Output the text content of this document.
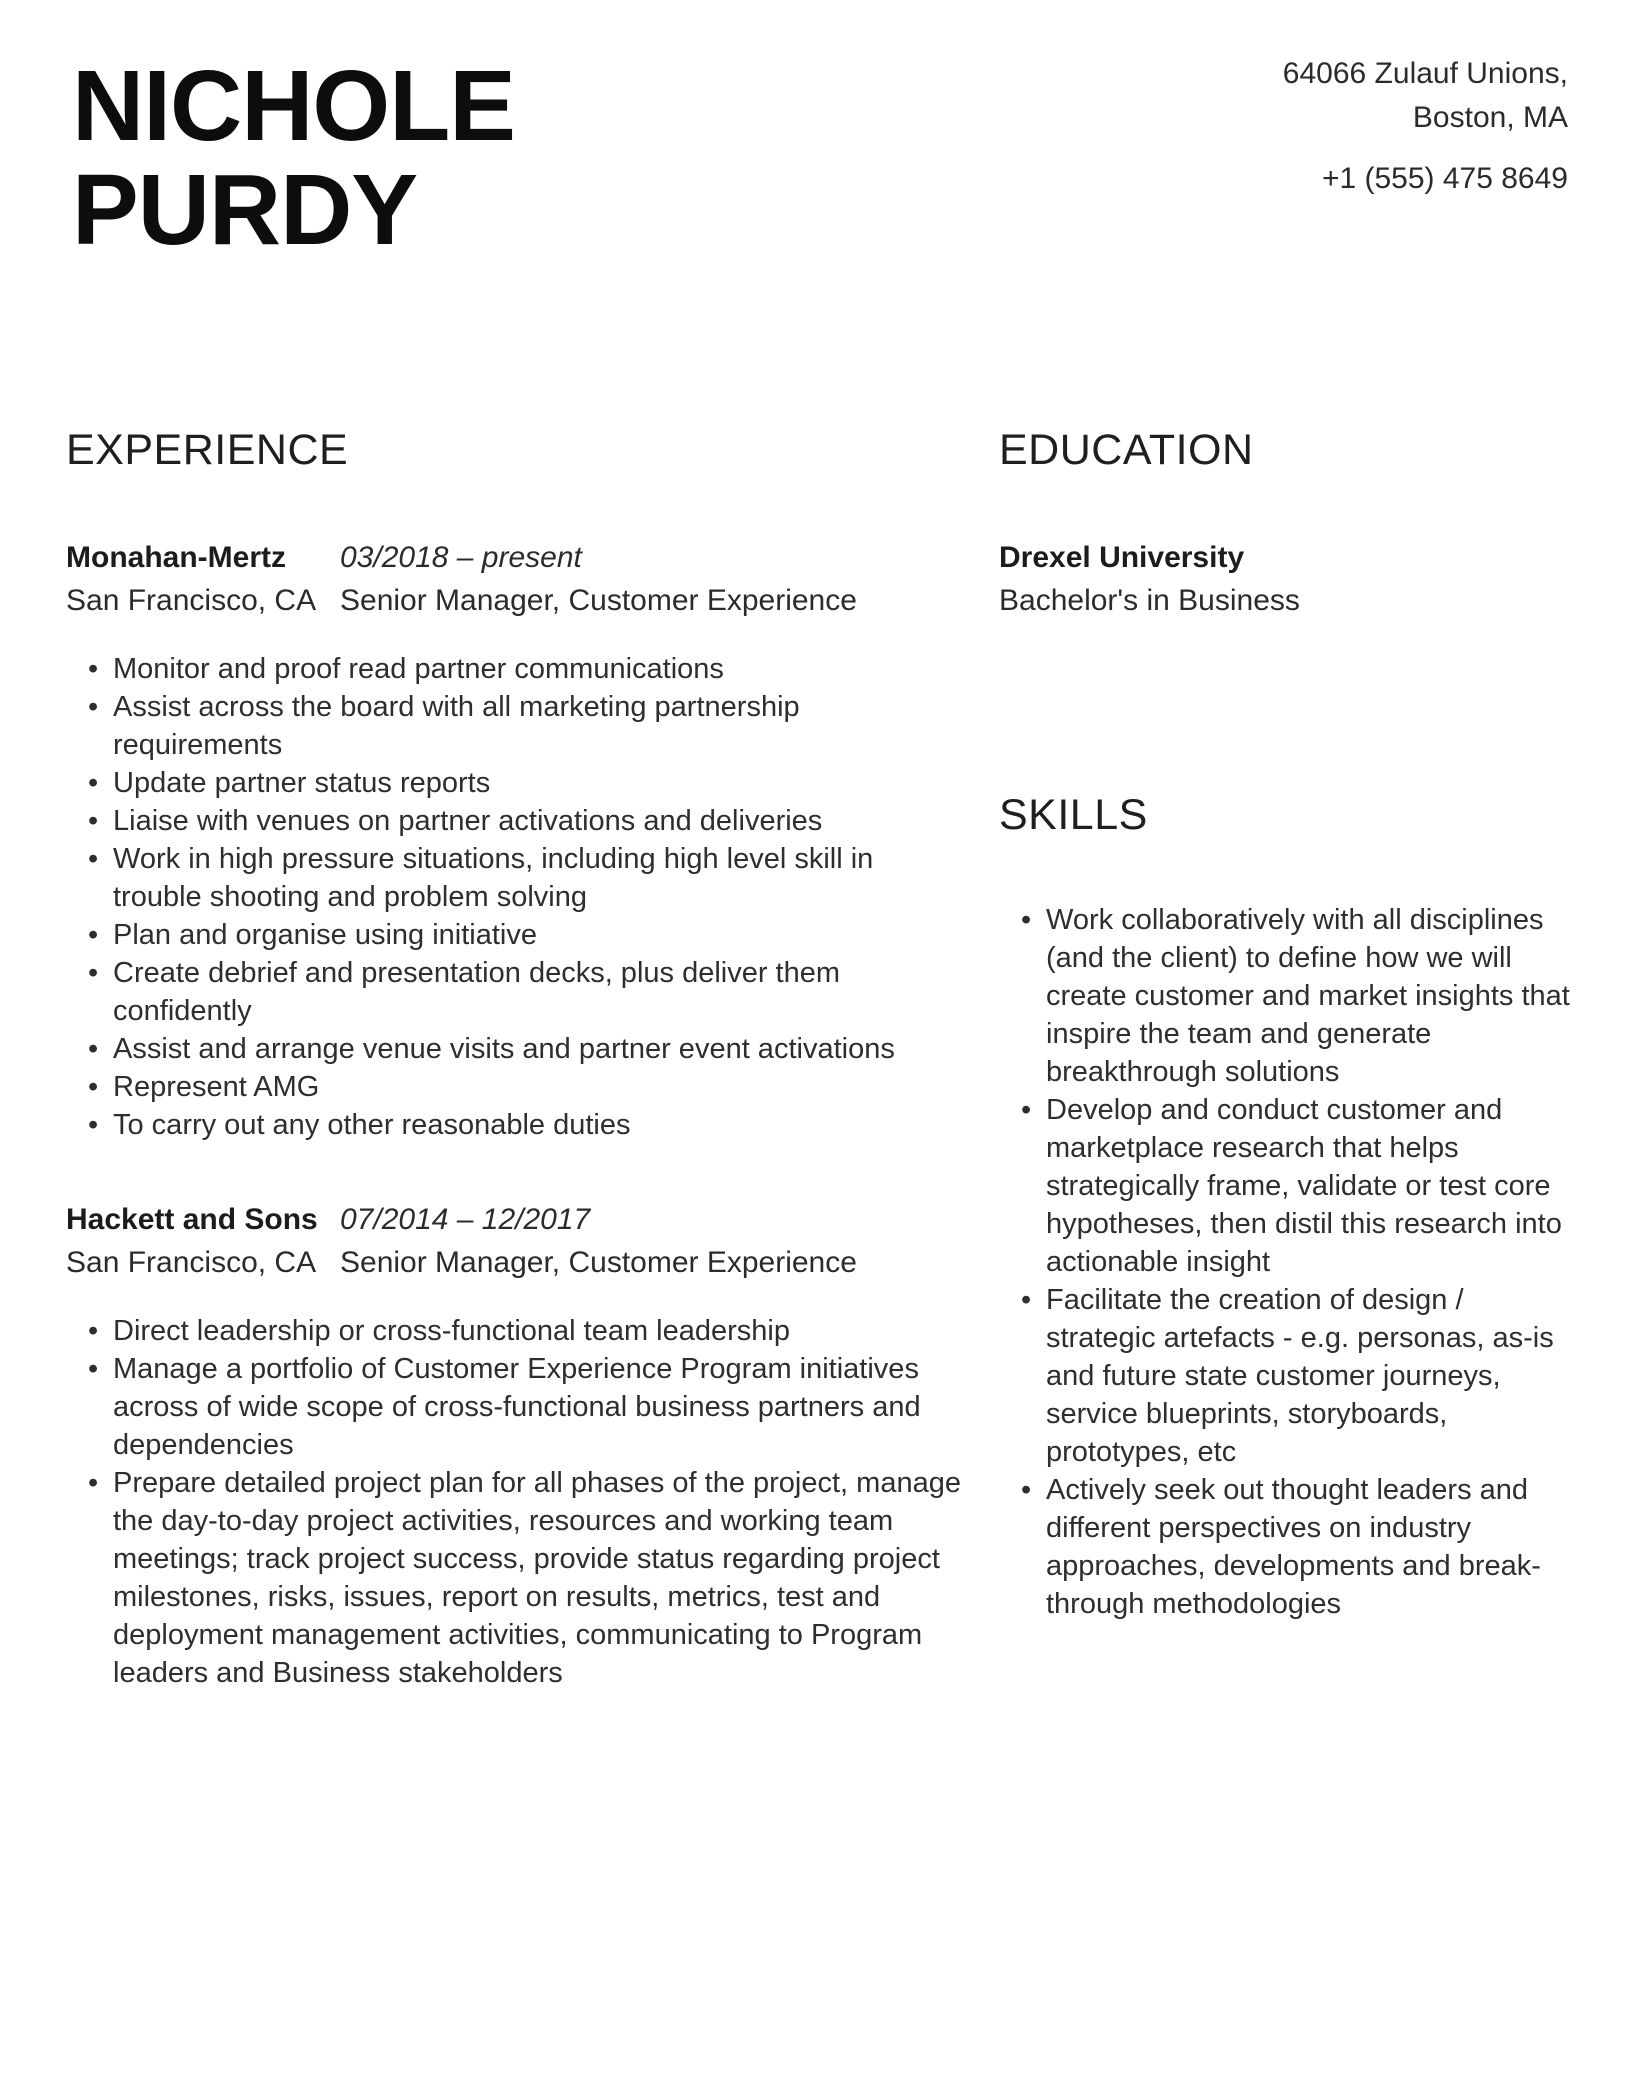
NICHOLE PURDY
64066 Zulauf Unions,
Boston, MA
+1 (555) 475 8649
EXPERIENCE
Monahan-Mertz	03/2018 – present
San Francisco, CA Senior Manager, Customer Experience
• Monitor and proof read partner communications
• Assist across the board with all marketing partnership requirements
• Update partner status reports
• Liaise with venues on partner activations and deliveries
• Work in high pressure situations, including high level skill in trouble shooting and problem solving
• Plan and organise using initiative
• Create debrief and presentation decks, plus deliver them confidently
• Assist and arrange venue visits and partner event activations
• Represent AMG
• To carry out any other reasonable duties
Hackett and Sons 07/2014 – 12/2017
San Francisco, CA Senior Manager, Customer Experience
• Direct leadership or cross-functional team leadership
• Manage a portfolio of Customer Experience Program initiatives across of wide scope of cross-functional business partners and dependencies
• Prepare detailed project plan for all phases of the project, manage the day-to-day project activities, resources and working team meetings; track project success, provide status regarding project milestones, risks, issues, report on results, metrics, test and deployment management activities, communicating to Program leaders and Business stakeholders
EDUCATION
Drexel University
Bachelor's in Business
SKILLS
• Work collaboratively with all disciplines (and the client) to define how we will create customer and market insights that inspire the team and generate breakthrough solutions
• Develop and conduct customer and marketplace research that helps strategically frame, validate or test core hypotheses, then distil this research into actionable insight
• Facilitate the creation of design / strategic artefacts - e.g. personas, as-is and future state customer journeys, service blueprints, storyboards, prototypes, etc
• Actively seek out thought leaders and different perspectives on industry approaches, developments and break-through methodologies
